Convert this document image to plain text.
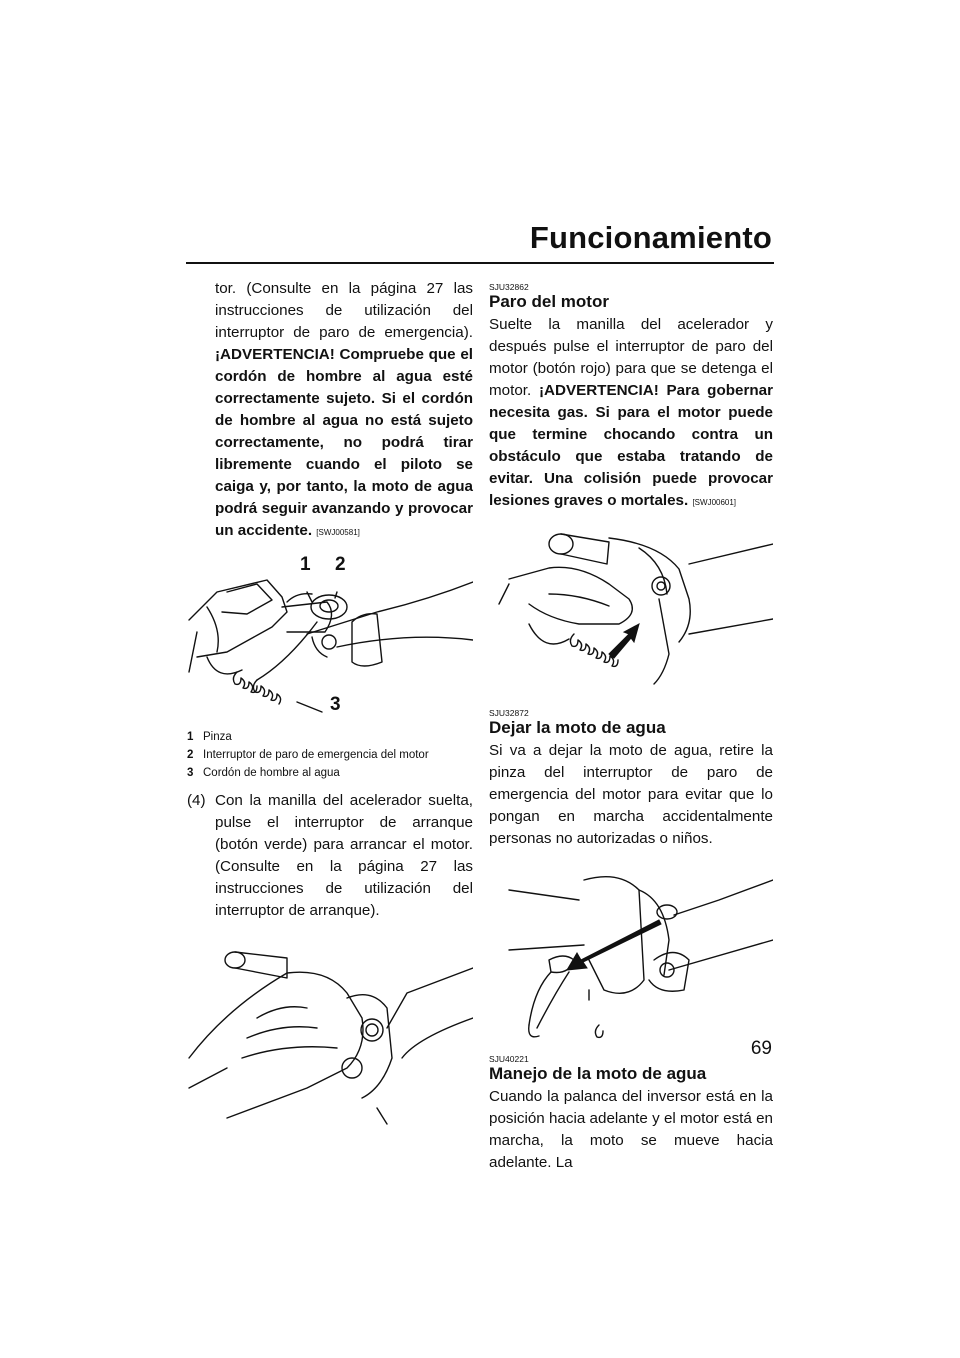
Funcionamiento
tor. (Consulte en la página 27 las instrucciones de utilización del interruptor de paro de emergencia). ¡ADVERTENCIA! Compruebe que el cordón de hombre al agua esté correctamente sujeto. Si el cordón de hombre al agua no está sujeto correctamente, no podrá tirar libremente cuando el piloto se caiga y, por tanto, la moto de agua podrá seguir avanzando y provocar un accidente. [SWJ00581]
1 2
3
1 Pinza
2 Interruptor de paro de emergencia del motor
3 Cordón de hombre al agua
(4) Con la manilla del acelerador suelta, pulse el interruptor de arranque (botón verde) para arrancar el motor. (Consulte en la página 27 las instrucciones de utilización del interruptor de arranque).
SJU32862
Paro del motor
Suelte la manilla del acelerador y después pulse el interruptor de paro del motor (botón rojo) para que se detenga el motor. ¡ADVERTENCIA! Para gobernar necesita gas. Si para el motor puede que termine chocando contra un obstáculo que estaba tratando de evitar. Una colisión puede provocar lesiones graves o mortales. [SWJ00601]
SJU32872
Dejar la moto de agua
Si va a dejar la moto de agua, retire la pinza del interruptor de paro de emergencia del motor para evitar que lo pongan en marcha accidentalmente personas no autorizadas o niños.
SJU40221
Manejo de la moto de agua
Cuando la palanca del inversor está en la posición hacia adelante y el motor está en marcha, la moto se mueve hacia adelante. La
69
